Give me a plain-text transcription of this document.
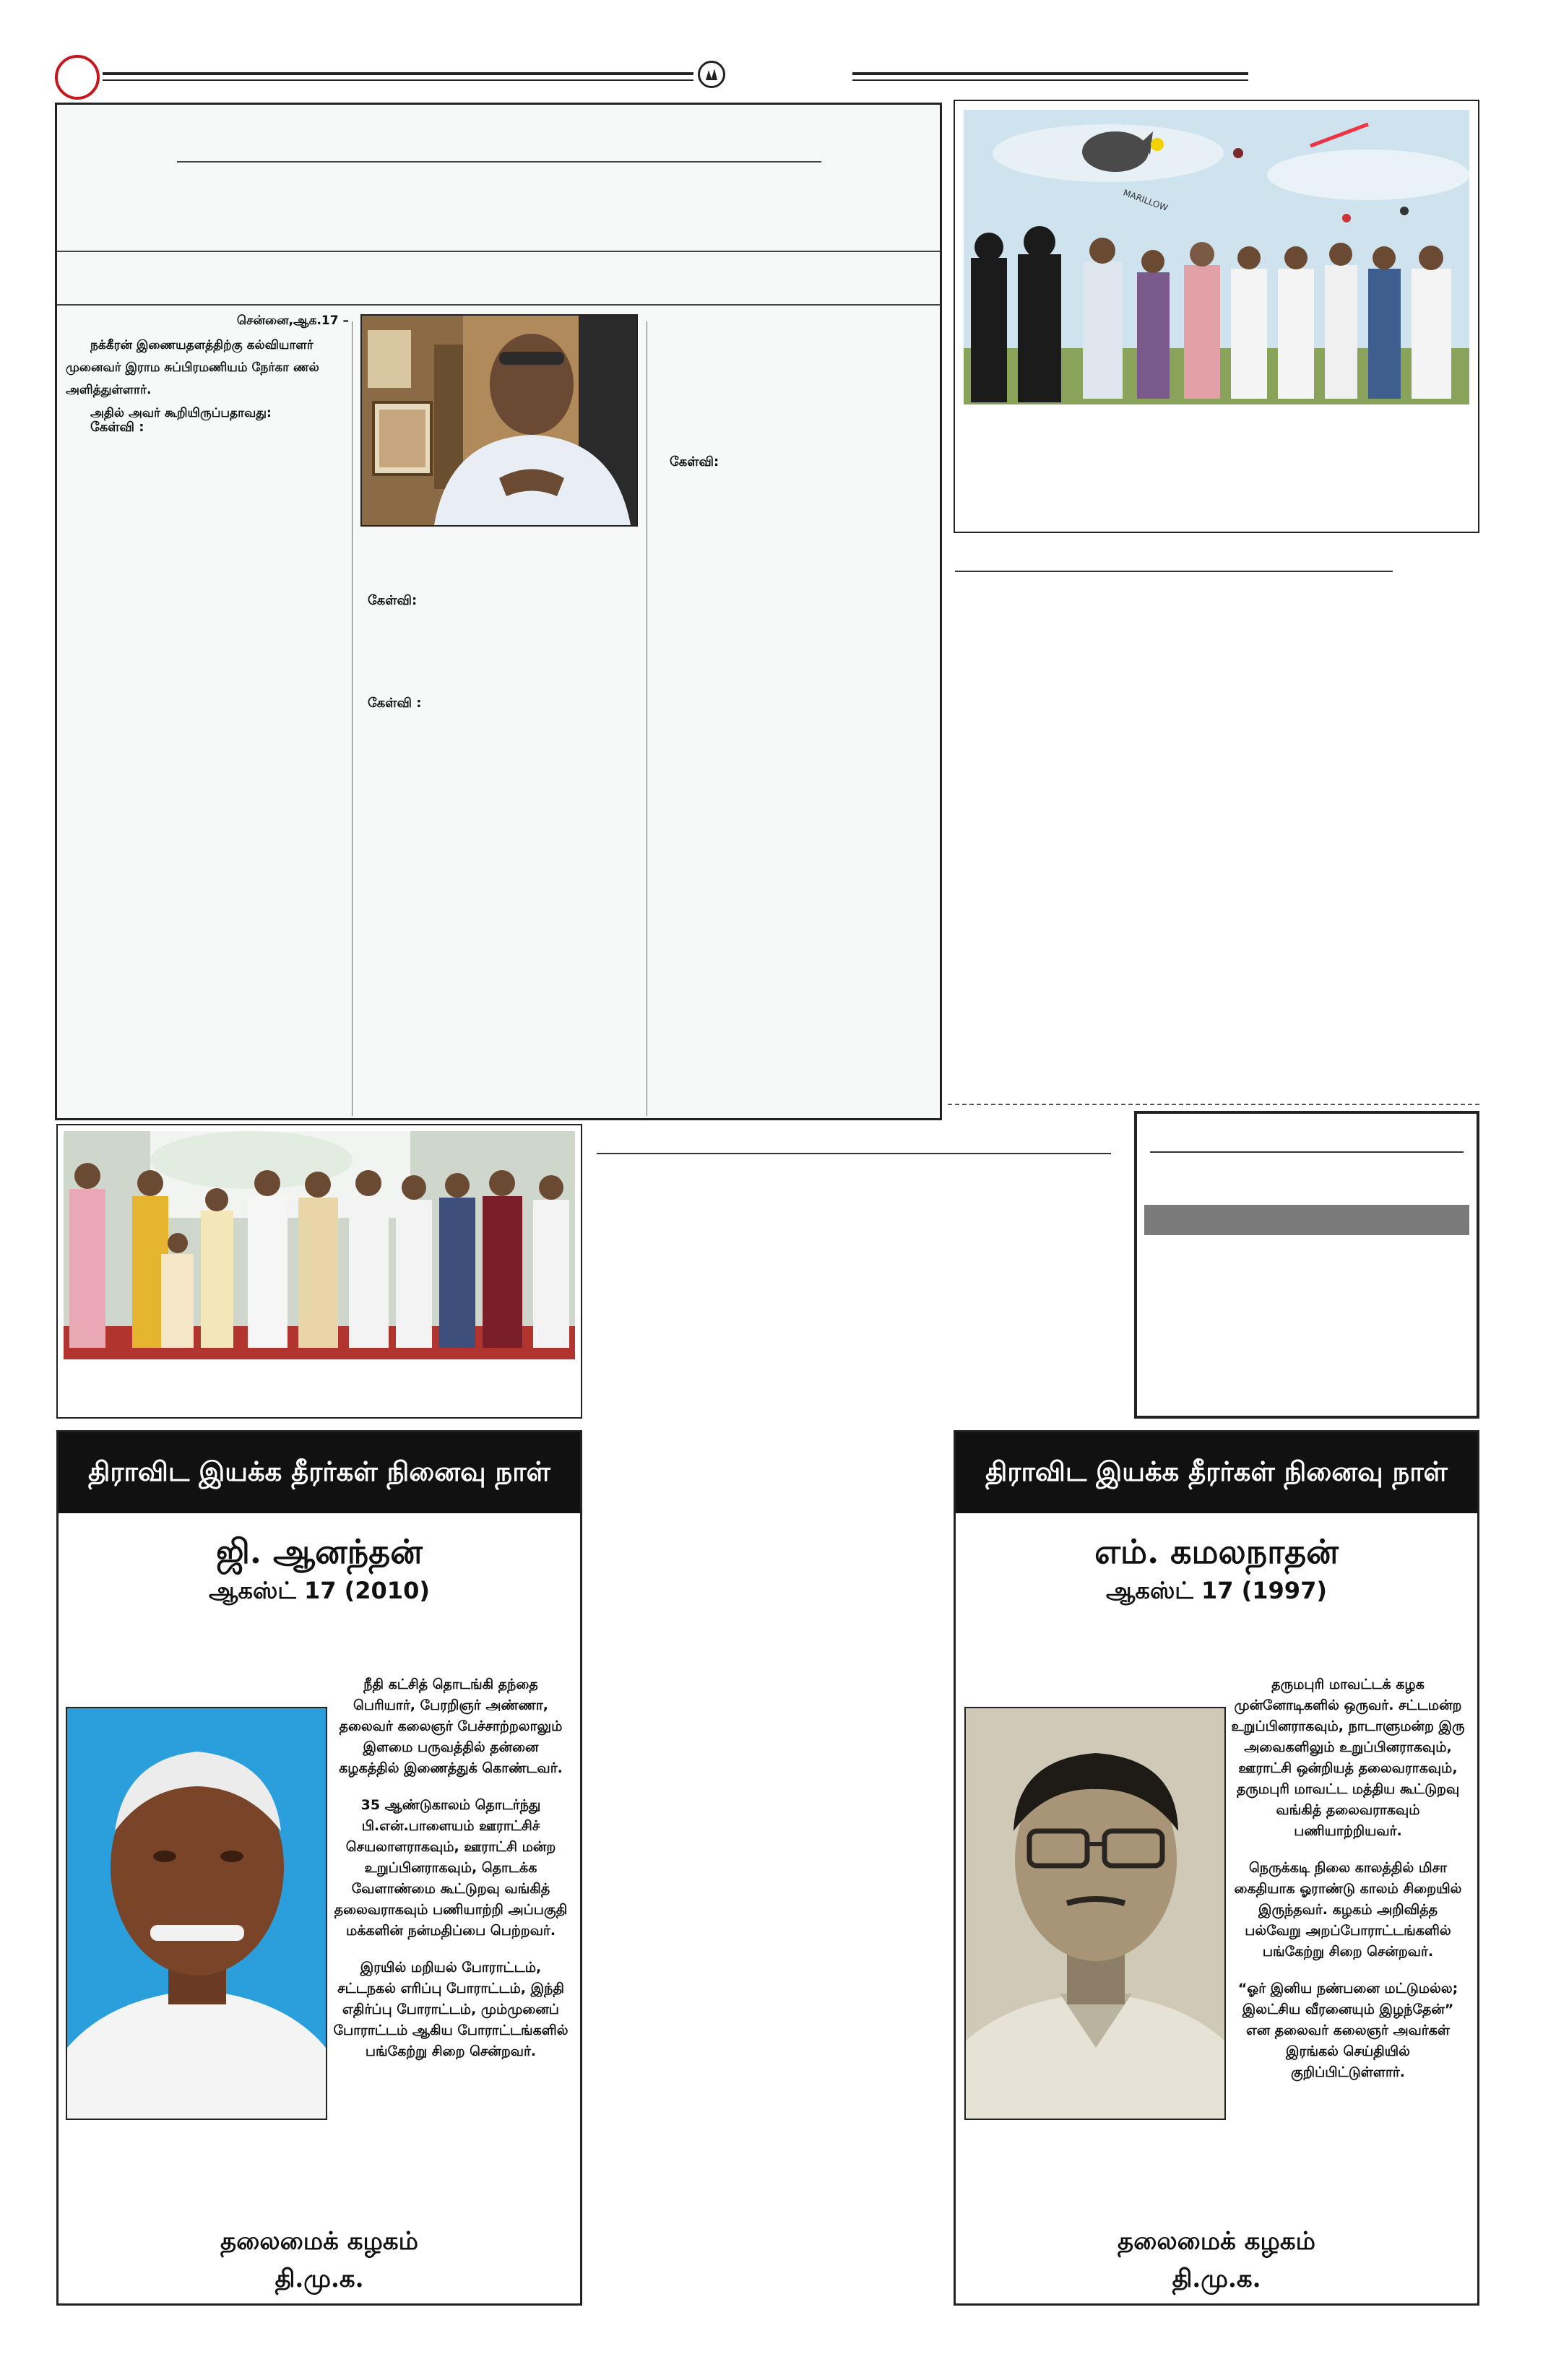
சென்னை,ஆக.17 –
நக்கீரன் இணையதளத்திற்கு கல்வியாளர் முனைவர் இராம சுப்பிரமணியம் நேர்கா ணல் அளித்துள்ளார்.
அதில் அவர் கூறியிருப்பதாவது:
கேள்வி :
கேள்வி:
கேள்வி :
கேள்வி:
MARILLOW
திராவிட இயக்க தீரர்கள் நினைவு நாள்
ஜி. ஆனந்தன்
ஆகஸ்ட் 17 (2010)

நீதி கட்சித் தொடங்கி தந்தை பெரியார், பேரறிஞர் அண்ணா, தலைவர் கலைஞர் பேச்சாற்றலாலும் இளமை பருவத்தில் தன்னை கழகத்தில் இணைத்துக் கொண்டவர்.

35 ஆண்டுகாலம் தொடர்ந்து பி.என்.பாளையம் ஊராட்சிச் செயலாளராகவும், ஊராட்சி மன்ற உறுப்பினராகவும், தொடக்க வேளாண்மை கூட்டுறவு வங்கித் தலைவராகவும் பணியாற்றி அப்பகுதி மக்களின் நன்மதிப்பை பெற்றவர்.

இரயில் மறியல் போராட்டம், சட்டநகல் எரிப்பு போராட்டம், இந்தி எதிர்ப்பு போராட்டம், மும்முனைப் போராட்டம் ஆகிய போராட்டங்களில் பங்கேற்று சிறை சென்றவர்.

தலைமைக் கழகம்
தி.மு.க.
திராவிட இயக்க தீரர்கள் நினைவு நாள்
எம். கமலநாதன்
ஆகஸ்ட் 17 (1997)

தருமபுரி மாவட்டக் கழக முன்னோடிகளில் ஒருவர். சட்டமன்ற உறுப்பினராகவும், நாடாளுமன்ற இரு அவைகளிலும் உறுப்பினராகவும், ஊராட்சி ஒன்றியத் தலைவராகவும், தருமபுரி மாவட்ட மத்திய கூட்டுறவு வங்கித் தலைவராகவும் பணியாற்றியவர்.

நெருக்கடி நிலை காலத்தில் மிசா கைதியாக ஓராண்டு காலம் சிறையில் இருந்தவர். கழகம் அறிவித்த பல்வேறு அறப்போராட்டங்களில் பங்கேற்று சிறை சென்றவர்.

“ஓர் இனிய நண்பனை மட்டுமல்ல; இலட்சிய வீரனையும் இழந்தேன்” என தலைவர் கலைஞர் அவர்கள் இரங்கல் செய்தியில் குறிப்பிட்டுள்ளார்.

தலைமைக் கழகம்
தி.மு.க.
